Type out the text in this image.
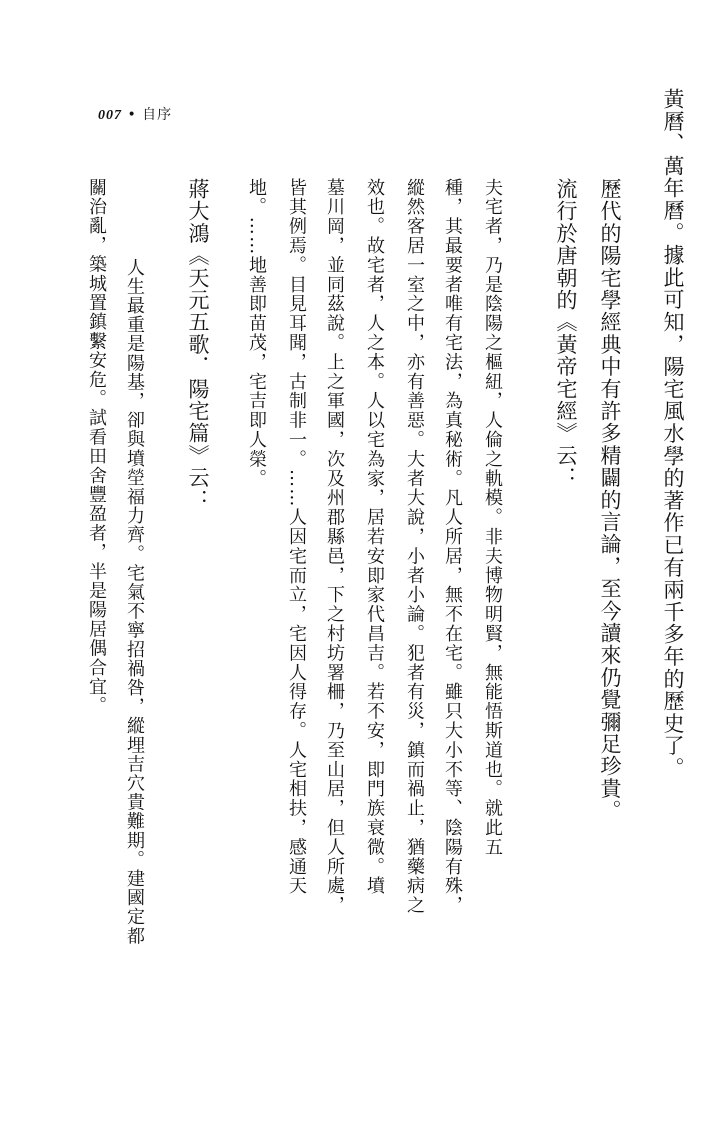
007 • 自序	黃曆、萬年曆。據此可知，陽宅風水學的著作已有兩千多年的歷史了。
歷代的陽宅學經典中有許多精闢的言論，至今讀來仍覺彌足珍貴。
流行於唐朝的《黃帝宅經》云：
夫宅者，乃是陰陽之樞紐，人倫之軌模。非夫博物明賢，無能悟斯道也。就此五
種，其最要者唯有宅法，為真秘術。凡人所居，無不在宅。雖只大小不等、陰陽有殊，
縱然客居一室之中，亦有善惡。大者大說，小者小論。犯者有災，鎮而禍止，猶藥病之
效也。故宅者，人之本。人以宅為家，居若安即家代昌吉。若不安，即門族衰微。墳
墓川岡，並同茲說。上之軍國，次及州郡縣邑，下之村坊署柵，乃至山居，但人所處，
皆其例焉。目見耳聞，古制非一。……人因宅而立，宅因人得存。人宅相扶，感通天
地。……地善即苗茂，宅吉即人榮。
蔣大鴻《天元五歌．陽宅篇》云：
人生最重是陽基，卻與墳塋福力齊。宅氣不寧招禍咎，縱埋吉穴貴難期。建國定都
關治亂，築城置鎮繫安危。試看田舍豐盈者，半是陽居偶合宜。
